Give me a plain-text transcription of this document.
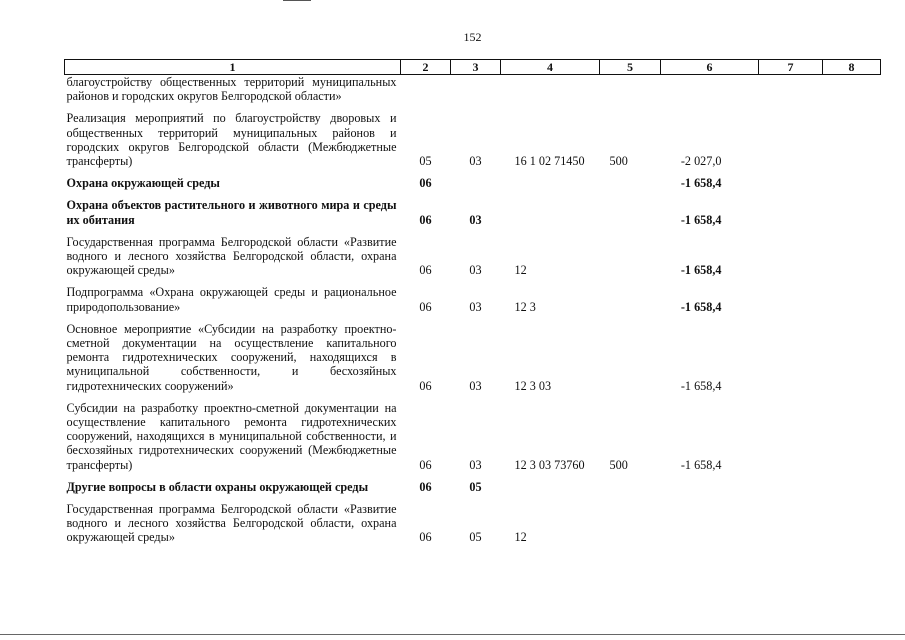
152
1	2	3	4	5	6	7	8
благоустройству общественных территорий муниципальных районов и городских округов Белгородской области»							
Реализация мероприятий по благоустройству дворовых и общественных территорий муниципальных районов и городских округов Белгородской области (Межбюджетные трансферты)	05	03	16 1 02 71450	500	-2 027,0		
Охрана окружающей среды	06				-1 658,4		
Охрана объектов растительного и животного мира и среды их обитания	06	03			-1 658,4		
Государственная программа Белгородской области «Развитие водного и лесного хозяйства Белгородской области, охрана окружающей среды»	06	03	12		-1 658,4		
Подпрограмма «Охрана окружающей среды и рациональное природопользование»	06	03	12 3		-1 658,4		
Основное мероприятие «Субсидии на разработку проектно-сметной документации на осуществление капитального ремонта гидротехнических сооружений, находящихся в муниципальной собственности, и бесхозяйных гидротехнических сооружений»	06	03	12 3 03		-1 658,4		
Субсидии на разработку проектно-сметной документации на осуществление капитального ремонта гидротехнических сооружений, находящихся в муниципальной собственности, и бесхозяйных гидротехнических сооружений (Межбюджетные трансферты)	06	03	12 3 03 73760	500	-1 658,4		
Другие вопросы в области охраны окружающей среды	06	05					
Государственная программа Белгородской области «Развитие водного и лесного хозяйства Белгородской области, охрана окружающей среды»	06	05	12				
